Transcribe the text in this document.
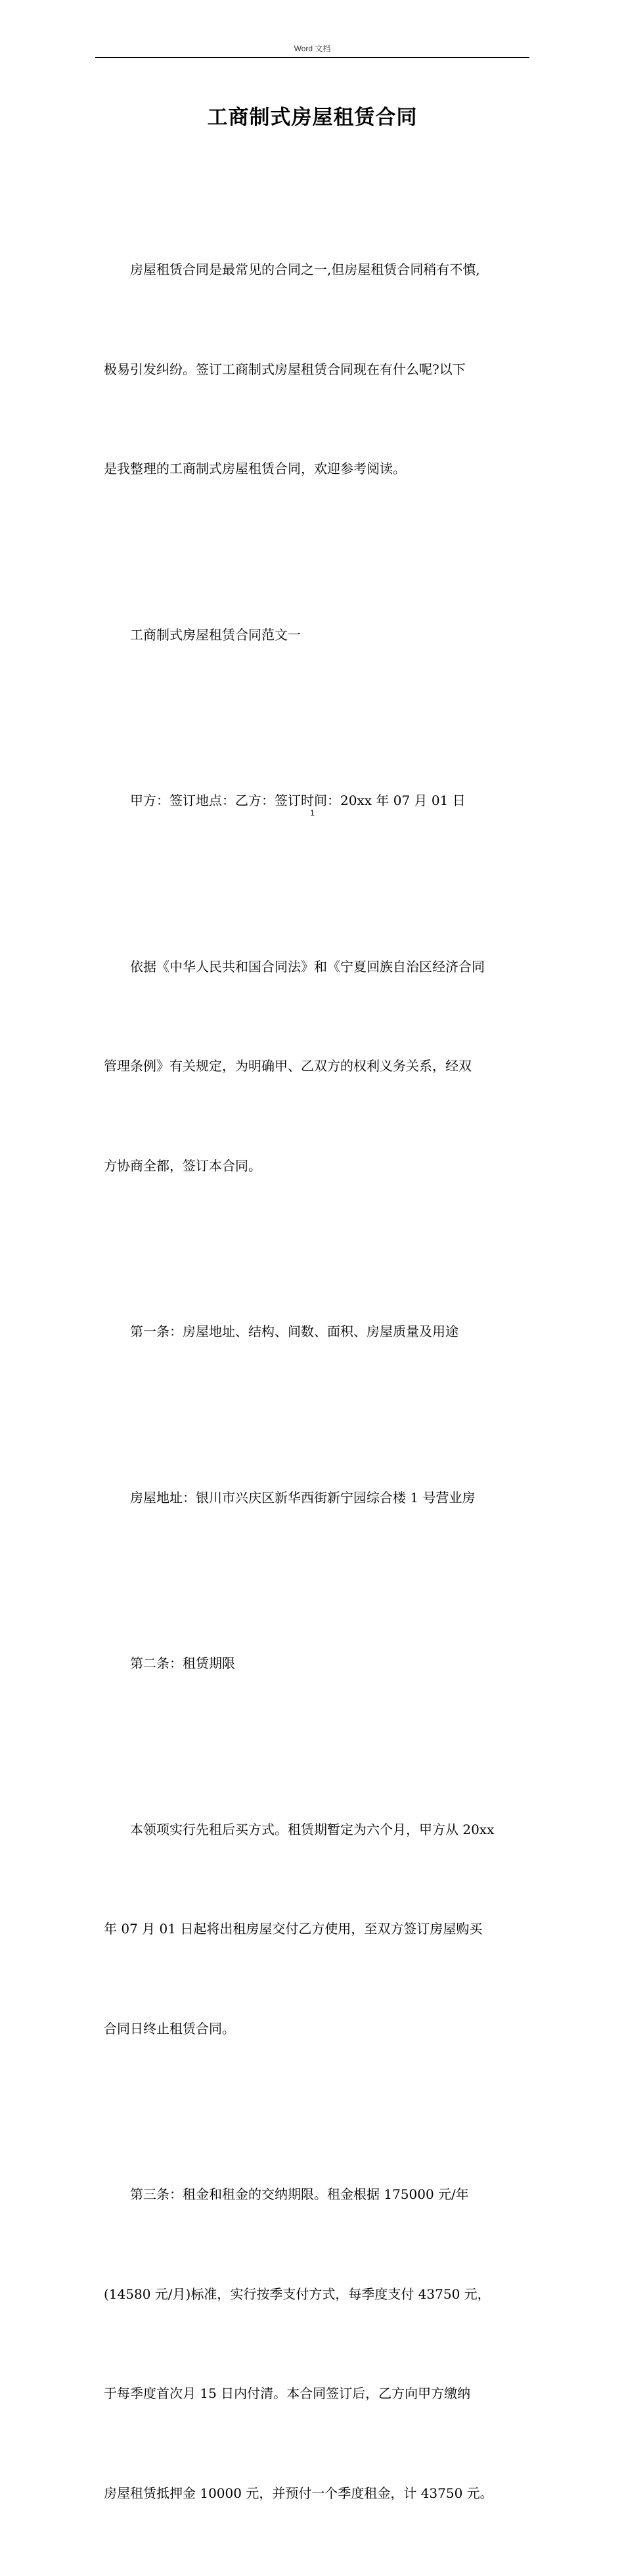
Word 文档
工商制式房屋租赁合同

房屋租赁合同是最常见的合同之一,但房屋租赁合同稍有不慎,

极易引发纠纷。签订工商制式房屋租赁合同现在有什么呢?以下

是我整理的工商制式房屋租赁合同，欢迎参考阅读。

工商制式房屋租赁合同范文一

甲方：签订地点：乙方：签订时间：20xx 年 07 月 01 日

依据《中华人民共和国合同法》和《宁夏回族自治区经济合同

管理条例》有关规定，为明确甲、乙双方的权利义务关系，经双

方协商全都，签订本合同。

第一条：房屋地址、结构、间数、面积、房屋质量及用途

房屋地址：银川市兴庆区新华西街新宁园综合楼 1 号营业房

第二条：租赁期限

本领项实行先租后买方式。租赁期暂定为六个月，甲方从 20xx

年 07 月 01 日起将出租房屋交付乙方使用，至双方签订房屋购买

合同日终止租赁合同。

第三条：租金和租金的交纳期限。租金根据 175000 元/年

(14580 元/月)标准，实行按季支付方式，每季度支付 43750 元，

于每季度首次月 15 日内付清。本合同签订后，乙方向甲方缴纳

房屋租赁抵押金 10000 元，并预付一个季度租金，计 43750 元。

1
